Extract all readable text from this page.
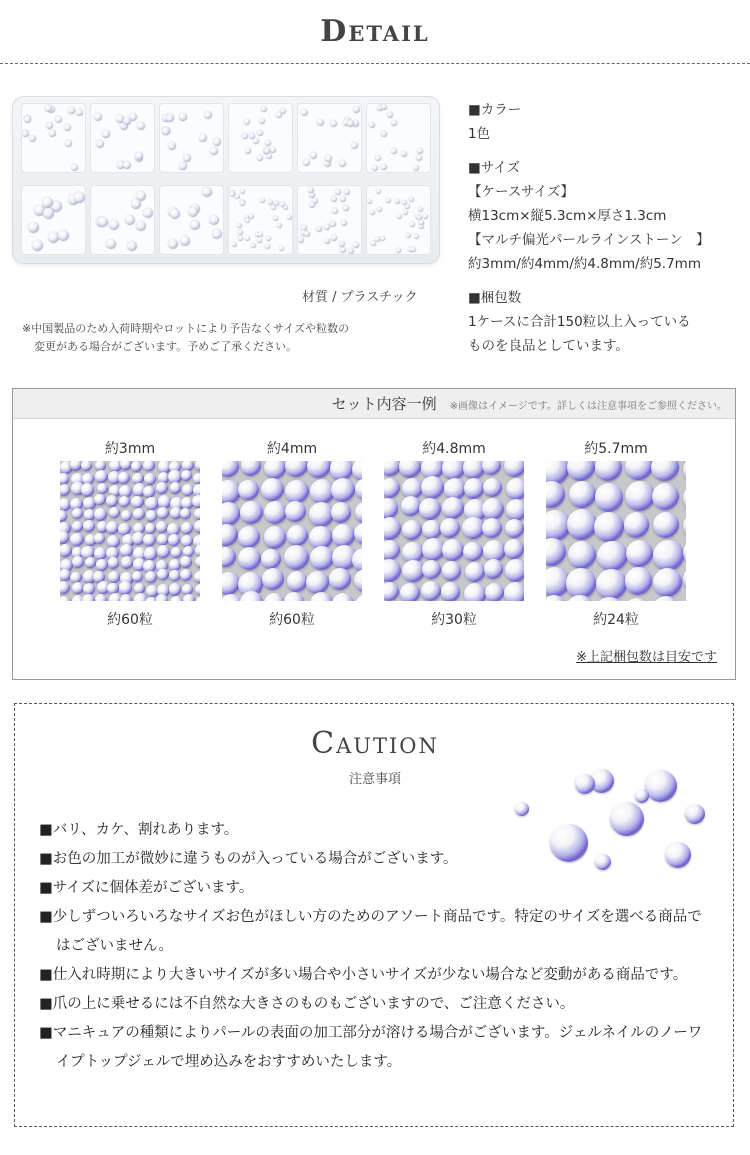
Detail
材質 / プラスチック
※中国製品のため入荷時期やロットにより予告なくサイズや粒数の
変更がある場合がございます。予めご了承ください。
■カラー
1色
■サイズ
【ケースサイズ】
横13cm×縦5.3cm×厚さ1.3cm
【マルチ偏光パールラインストーン　】
約3mm/約4mm/約4.8mm/約5.7mm
■梱包数
1ケースに合計150粒以上入っている
ものを良品としています。
セット内容一例 ※画像はイメージです。詳しくは注意事項をご参照ください。
約3mm
約60粒
約4mm
約60粒
約4.8mm
約30粒
約5.7mm
約24粒
※上記梱包数は目安です
Caution
注意事項
■バリ、カケ、割れあります。
■お色の加工が微妙に違うものが入っている場合がございます。
■サイズに個体差がございます。
■少しずついろいろなサイズお色がほしい方のためのアソート商品です。特定のサイズを選べる商品ではございません。
■仕入れ時期により大きいサイズが多い場合や小さいサイズが少ない場合など変動がある商品です。
■爪の上に乗せるには不自然な大きさのものもございますので、ご注意ください。
■マニキュアの種類によりパールの表面の加工部分が溶ける場合がございます。ジェルネイルのノーワイプトップジェルで埋め込みをおすすめいたします。
